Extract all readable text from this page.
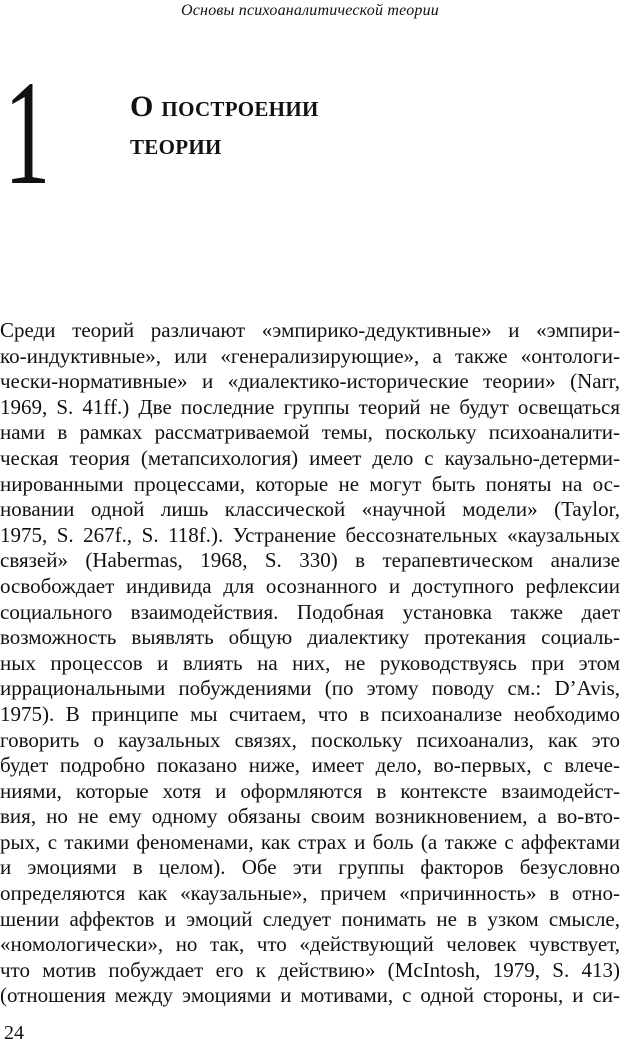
Основы психоаналитической теории
1	О построении
теории
Среди теорий различают «эмпирико-дедуктивные» и «эмпири-
ко-индуктивные», или «генерализирующие», а также «онтологи-
чески-нормативные» и «диалектико-исторические теории» (Narr,
1969, S. 41ff.) Две последние группы теорий не будут освещаться
нами в рамках рассматриваемой темы, поскольку психоаналити-
ческая теория (метапсихология) имеет дело с каузально-детерми-
нированными процессами, которые не могут быть поняты на ос-
новании одной лишь классической «научной модели» (Taylor,
1975, S. 267f., S. 118f.). Устранение бессознательных «каузальных
связей» (Habermas, 1968, S. 330) в терапевтическом анализе
освобождает индивида для осознанного и доступного рефлексии
социального взаимодействия. Подобная установка также дает
возможность выявлять общую диалектику протекания социаль-
ных процессов и влиять на них, не руководствуясь при этом
иррациональными побуждениями (по этому поводу см.: D’Avis,
1975). В принципе мы считаем, что в психоанализе необходимо
говорить о каузальных связях, поскольку психоанализ, как это
будет подробно показано ниже, имеет дело, во-первых, с влече-
ниями, которые хотя и оформляются в контексте взаимодейст-
вия, но не ему одному обязаны своим возникновением, а во-вто-
рых, с такими феноменами, как страх и боль (а также с аффектами
и эмоциями в целом). Обе эти группы факторов безусловно
определяются как «каузальные», причем «причинность» в отно-
шении аффектов и эмоций следует понимать не в узком смысле,
«номологически», но так, что «действующий человек чувствует,
что мотив побуждает его к действию» (McIntosh, 1979, S. 413)
(отношения между эмоциями и мотивами, с одной стороны, и си-
24
